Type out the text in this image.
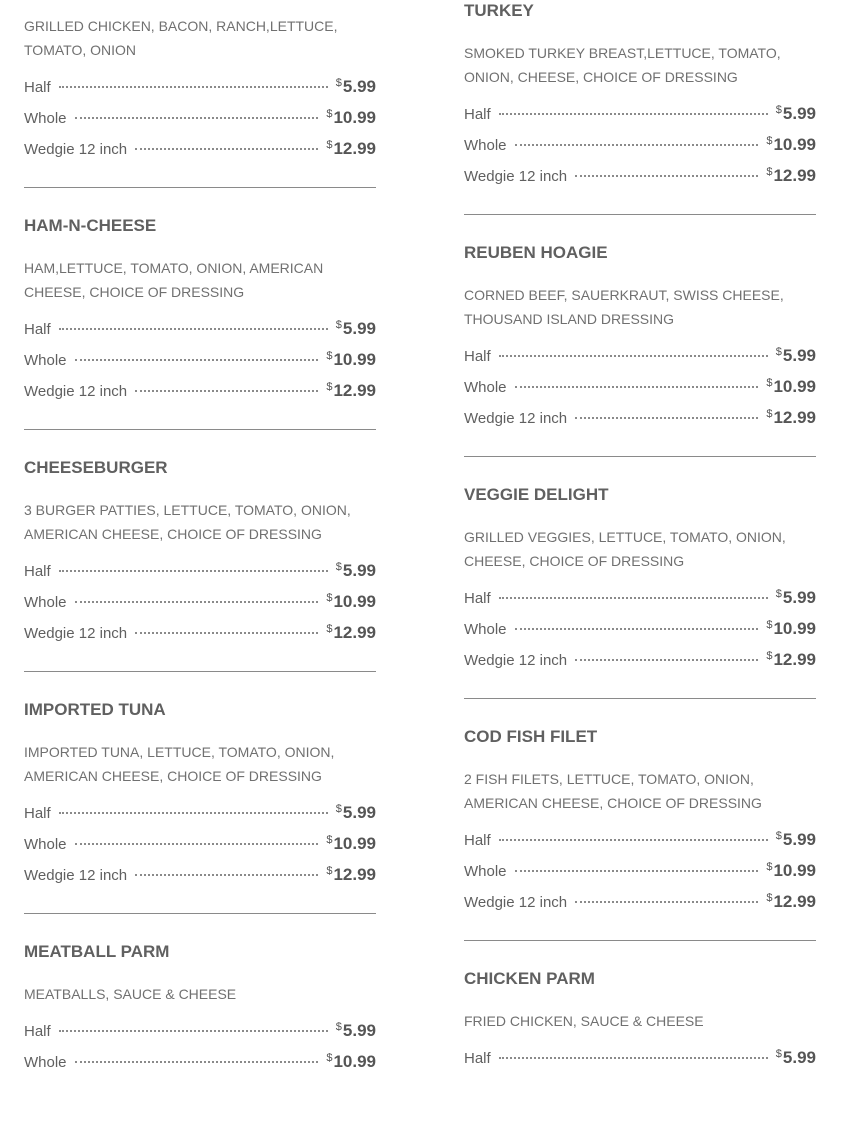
GRILLED CHICKEN, BACON, RANCH,LETTUCE, TOMATO, ONION
Half	$5.99
Whole	$10.99
Wedgie 12 inch	$12.99
HAM-N-CHEESE
HAM,LETTUCE, TOMATO, ONION, AMERICAN CHEESE, CHOICE OF DRESSING
Half	$5.99
Whole	$10.99
Wedgie 12 inch	$12.99
CHEESEBURGER
3 BURGER PATTIES, LETTUCE, TOMATO, ONION, AMERICAN CHEESE, CHOICE OF DRESSING
Half	$5.99
Whole	$10.99
Wedgie 12 inch	$12.99
IMPORTED TUNA
IMPORTED TUNA, LETTUCE, TOMATO, ONION, AMERICAN CHEESE, CHOICE OF DRESSING
Half	$5.99
Whole	$10.99
Wedgie 12 inch	$12.99
MEATBALL PARM
MEATBALLS, SAUCE & CHEESE
Half	$5.99
Whole	$10.99
TURKEY
SMOKED TURKEY BREAST,LETTUCE, TOMATO, ONION, CHEESE, CHOICE OF DRESSING
Half	$5.99
Whole	$10.99
Wedgie 12 inch	$12.99
REUBEN HOAGIE
CORNED BEEF, SAUERKRAUT, SWISS CHEESE, THOUSAND ISLAND DRESSING
Half	$5.99
Whole	$10.99
Wedgie 12 inch	$12.99
VEGGIE DELIGHT
GRILLED VEGGIES, LETTUCE, TOMATO, ONION, CHEESE, CHOICE OF DRESSING
Half	$5.99
Whole	$10.99
Wedgie 12 inch	$12.99
COD FISH FILET
2 FISH FILETS, LETTUCE, TOMATO, ONION, AMERICAN CHEESE, CHOICE OF DRESSING
Half	$5.99
Whole	$10.99
Wedgie 12 inch	$12.99
CHICKEN PARM
FRIED CHICKEN, SAUCE & CHEESE
Half	$5.99
